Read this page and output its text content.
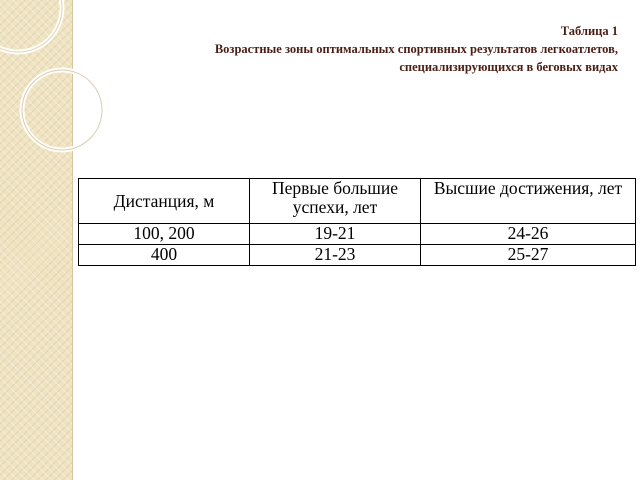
Таблица 1
Возрастные зоны оптимальных спортивных результатов легкоатлетов,
специализирующихся в беговых видах
Дистанция, м	Первые большие успехи, лет	Высшие достижения, лет

100, 200	19-21	24-26
400	21-23	25-27
